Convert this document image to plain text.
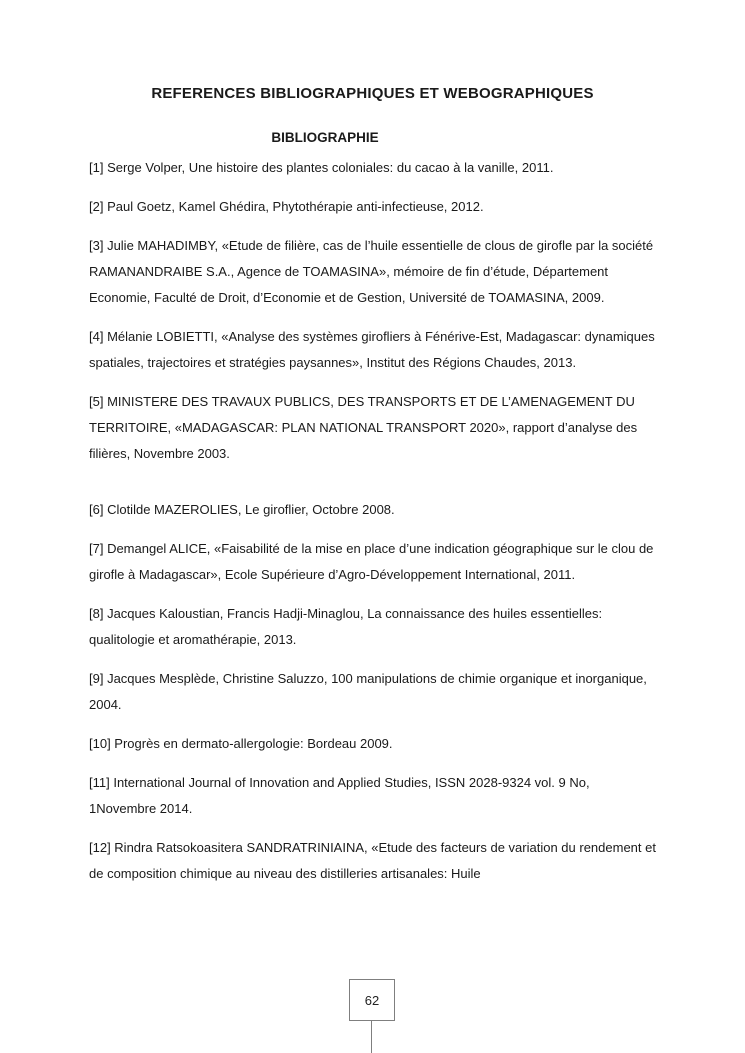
REFERENCES BIBLIOGRAPHIQUES ET WEBOGRAPHIQUES
BIBLIOGRAPHIE

[1] Serge Volper, Une histoire des plantes coloniales: du cacao à la vanille, 2011.

[2] Paul Goetz, Kamel Ghédira, Phytothérapie anti-infectieuse, 2012.

[3] Julie MAHADIMBY, «Etude de filière, cas de l’huile essentielle de clous de girofle par la société RAMANANDRAIBE S.A., Agence de TOAMASINA», mémoire de fin d’étude, Département Economie, Faculté de Droit, d’Economie et de Gestion, Université de TOAMASINA, 2009.

[4] Mélanie LOBIETTI, «Analyse des systèmes girofliers à Fénérive-Est, Madagascar: dynamiques spatiales, trajectoires et stratégies paysannes», Institut des Régions Chaudes, 2013.

[5] MINISTERE DES TRAVAUX PUBLICS, DES TRANSPORTS ET DE L’AMENAGEMENT DU TERRITOIRE, «MADAGASCAR: PLAN NATIONAL TRANSPORT 2020», rapport d’analyse des filières, Novembre 2003.

[6] Clotilde MAZEROLIES, Le giroflier, Octobre 2008.

[7] Demangel ALICE, «Faisabilité de la mise en place d’une indication géographique sur le clou de girofle à Madagascar», Ecole Supérieure d’Agro-Développement International, 2011.

[8] Jacques Kaloustian, Francis Hadji-Minaglou, La connaissance des huiles essentielles: qualitologie et aromathérapie, 2013.

[9] Jacques Mesplède, Christine Saluzzo, 100 manipulations de chimie organique et inorganique, 2004.

[10] Progrès en dermato-allergologie: Bordeau 2009.

[11] International Journal of Innovation and Applied Studies, ISSN 2028-9324 vol. 9 No, 1Novembre 2014.

[12] Rindra Ratsokoasitera SANDRATRINIAINA, «Etude des facteurs de variation du rendement et de composition chimique au niveau des distilleries artisanales: Huile

62
